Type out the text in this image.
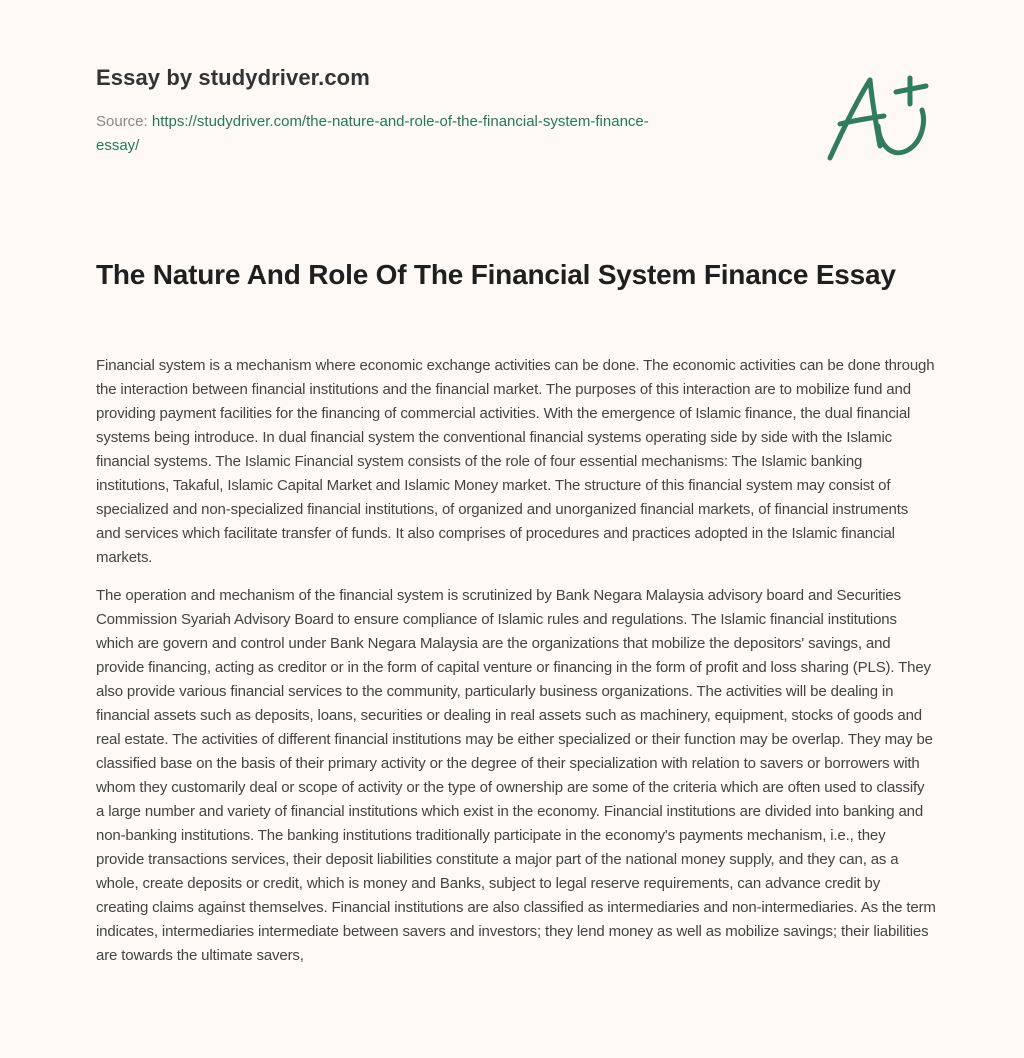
Essay by studydriver.com
Source: https://studydriver.com/the-nature-and-role-of-the-financial-system-finance-
essay/
The Nature And Role Of The Financial System Finance Essay

Financial system is a mechanism where economic exchange activities can be done. The economic activities can be done through the interaction between financial institutions and the financial market. The purposes of this interaction are to mobilize fund and providing payment facilities for the financing of commercial activities. With the emergence of Islamic finance, the dual financial systems being introduce. In dual financial system the conventional financial systems operating side by side with the Islamic financial systems. The Islamic Financial system consists of the role of four essential mechanisms: The Islamic banking institutions, Takaful, Islamic Capital Market and Islamic Money market. The structure of this financial system may consist of specialized and non-specialized financial institutions, of organized and unorganized financial markets, of financial instruments and services which facilitate transfer of funds. It also comprises of procedures and practices adopted in the Islamic financial markets.

The operation and mechanism of the financial system is scrutinized by Bank Negara Malaysia advisory board and Securities Commission Syariah Advisory Board to ensure compliance of Islamic rules and regulations. The Islamic financial institutions which are govern and control under Bank Negara Malaysia are the organizations that mobilize the depositors' savings, and provide financing, acting as creditor or in the form of capital venture or financing in the form of profit and loss sharing (PLS). They also provide various financial services to the community, particularly business organizations. The activities will be dealing in financial assets such as deposits, loans, securities or dealing in real assets such as machinery, equipment, stocks of goods and real estate. The activities of different financial institutions may be either specialized or their function may be overlap. They may be classified base on the basis of their primary activity or the degree of their specialization with relation to savers or borrowers with whom they customarily deal or scope of activity or the type of ownership are some of the criteria which are often used to classify a large number and variety of financial institutions which exist in the economy. Financial institutions are divided into banking and non-banking institutions. The banking institutions traditionally participate in the economy's payments mechanism, i.e., they provide transactions services, their deposit liabilities constitute a major part of the national money supply, and they can, as a whole, create deposits or credit, which is money and Banks, subject to legal reserve requirements, can advance credit by creating claims against themselves. Financial institutions are also classified as intermediaries and non-intermediaries. As the term indicates, intermediaries intermediate between savers and investors; they lend money as well as mobilize savings; their liabilities are towards the ultimate savers,
